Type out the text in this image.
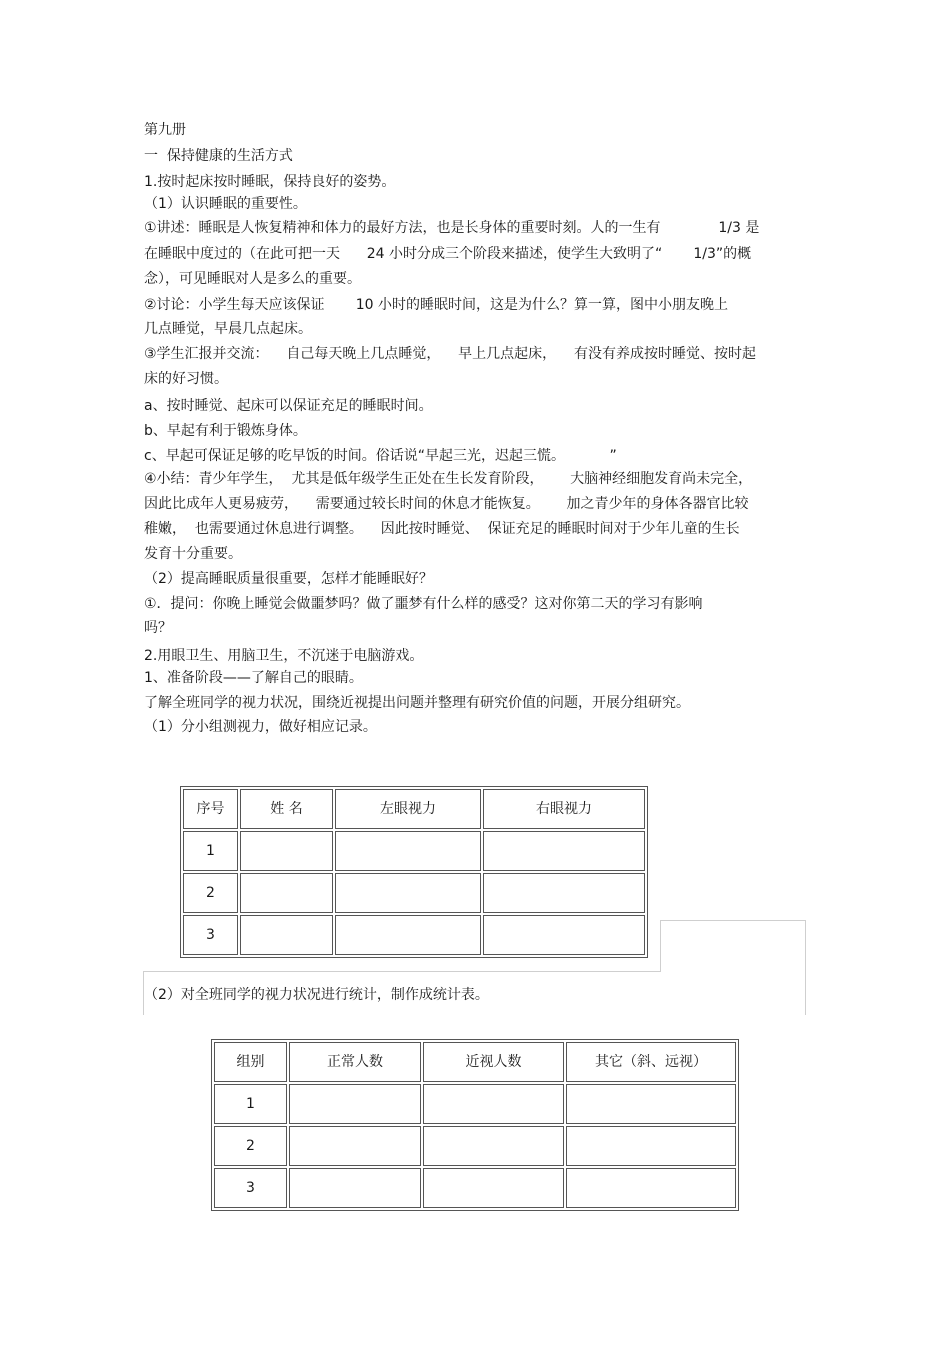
第九册
一  保持健康的生活方式
1.按时起床按时睡眠，保持良好的姿势。
（1）认识睡眠的重要性。
①讲述：睡眠是人恢复精神和体力的最好方法，也是长身体的重要时刻。人的一生有             1/3 是
在睡眠中度过的（在此可把一天      24 小时分成三个阶段来描述，使学生大致明了“       1/3”的概
念），可见睡眠对人是多么的重要。
②讨论：小学生每天应该保证       10 小时的睡眠时间，这是为什么？算一算，图中小朋友晚上
几点睡觉，早晨几点起床。
③学生汇报并交流：    自己每天晚上几点睡觉，    早上几点起床，    有没有养成按时睡觉、按时起
床的好习惯。
a、按时睡觉、起床可以保证充足的睡眠时间。
b、早起有利于锻炼身体。
c、早起可保证足够的吃早饭的时间。俗话说“早起三光，迟起三慌。          ”
④小结：青少年学生，  尤其是低年级学生正处在生长发育阶段，      大脑神经细胞发育尚未完全，
因此比成年人更易疲劳，    需要通过较长时间的休息才能恢复。      加之青少年的身体各器官比较
稚嫩，  也需要通过休息进行调整。    因此按时睡觉、  保证充足的睡眠时间对于少年儿童的生长
发育十分重要。
（2）提高睡眠质量很重要，怎样才能睡眠好？
①．提问：你晚上睡觉会做噩梦吗？做了噩梦有什么样的感受？这对你第二天的学习有影响
吗？
2.用眼卫生、用脑卫生，不沉迷于电脑游戏。
1、准备阶段——了解自己的眼睛。
了解全班同学的视力状况，围绕近视提出问题并整理有研究价值的问题，开展分组研究。
（1）分小组测视力，做好相应记录。
序号	姓 名	左眼视力	右眼视力
1			
2			
3			
（2）对全班同学的视力状况进行统计，制作成统计表。
组别	正常人数	近视人数	其它（斜、远视）
1			
2			
3			
